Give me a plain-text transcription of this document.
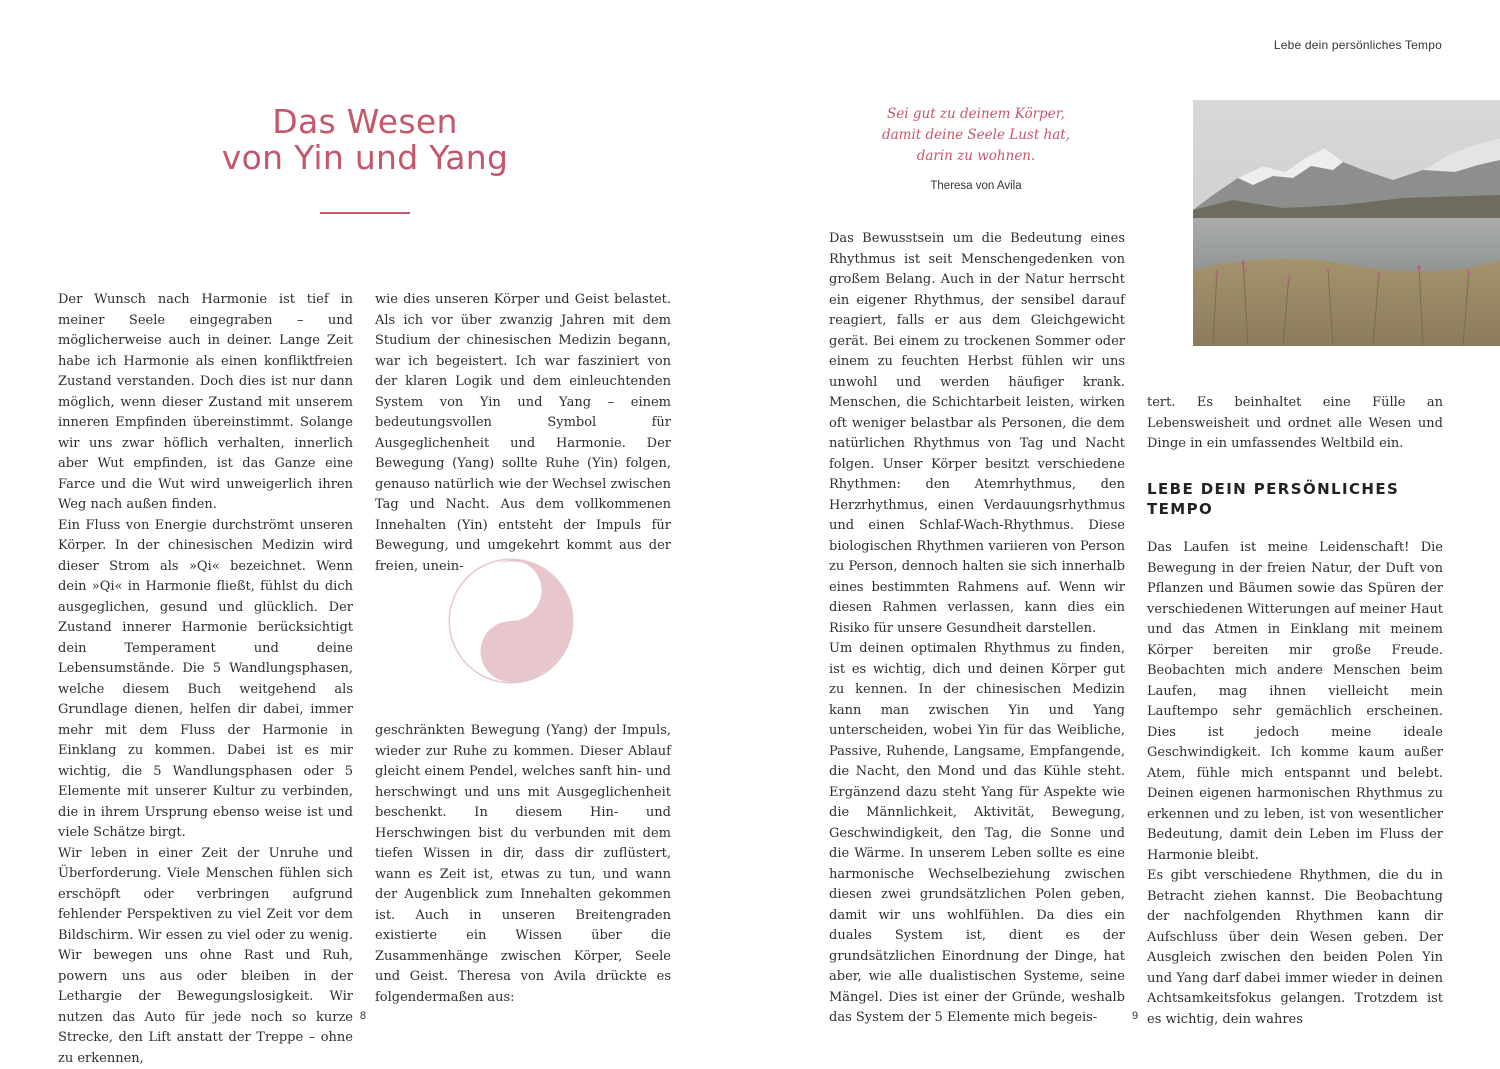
Lebe dein persönliches Tempo
Das Wesen
von Yin und Yang

Der Wunsch nach Harmonie ist tief in meiner Seele eingegraben – und möglicherweise auch in deiner. Lange Zeit habe ich Harmonie als einen konfliktfreien Zustand verstanden. Doch dies ist nur dann möglich, wenn dieser Zustand mit unserem inneren Empfinden übereinstimmt. Solange wir uns zwar höflich verhalten, innerlich aber Wut empfinden, ist das Ganze eine Farce und die Wut wird unweigerlich ihren Weg nach außen finden.

Ein Fluss von Energie durchströmt unseren Körper. In der chinesischen Medizin wird dieser Strom als »Qi« bezeichnet. Wenn dein »Qi« in Harmonie fließt, fühlst du dich ausgeglichen, gesund und glücklich. Der Zustand innerer Harmonie berücksichtigt dein Temperament und deine Lebensumstände. Die 5 Wandlungsphasen, welche diesem Buch weitgehend als Grundlage dienen, helfen dir dabei, immer mehr mit dem Fluss der Harmonie in Einklang zu kommen. Dabei ist es mir wichtig, die 5 Wandlungsphasen oder 5 Elemente mit unserer Kultur zu verbinden, die in ihrem Ursprung ebenso weise ist und viele Schätze birgt.

Wir leben in einer Zeit der Unruhe und Überforderung. Viele Menschen fühlen sich erschöpft oder verbringen aufgrund fehlender Perspektiven zu viel Zeit vor dem Bildschirm. Wir essen zu viel oder zu wenig. Wir bewegen uns ohne Rast und Ruh, powern uns aus oder bleiben in der Lethargie der Bewegungslosigkeit. Wir nutzen das Auto für jede noch so kurze Strecke, den Lift anstatt der Treppe – ohne zu erkennen,

wie dies unseren Körper und Geist belastet. Als ich vor über zwanzig Jahren mit dem Studium der chinesischen Medizin begann, war ich begeistert. Ich war fasziniert von der klaren Logik und dem einleuchtenden System von Yin und Yang – einem bedeutungsvollen Symbol für Ausgeglichenheit und Harmonie. Der Bewegung (Yang) sollte Ruhe (Yin) folgen, genauso natürlich wie der Wechsel zwischen Tag und Nacht. Aus dem vollkommenen Innehalten (Yin) entsteht der Impuls für Bewegung, und umgekehrt kommt aus der freien, unein-

geschränkten Bewegung (Yang) der Impuls, wieder zur Ruhe zu kommen. Dieser Ablauf gleicht einem Pendel, welches sanft hin- und herschwingt und uns mit Ausgeglichenheit beschenkt. In diesem Hin- und Herschwingen bist du verbunden mit dem tiefen Wissen in dir, dass dir zuflüstert, wann es Zeit ist, etwas zu tun, und wann der Augenblick zum Innehalten gekommen ist. Auch in unseren Breitengraden existierte ein Wissen über die Zusammenhänge zwischen Körper, Seele und Geist. Theresa von Avila drückte es folgendermaßen aus:

8
Sei gut zu deinem Körper,
damit deine Seele Lust hat,
darin zu wohnen.
Theresa von Avila

Das Bewusstsein um die Bedeutung eines Rhythmus ist seit Menschengedenken von großem Belang. Auch in der Natur herrscht ein eigener Rhythmus, der sensibel darauf reagiert, falls er aus dem Gleichgewicht gerät. Bei einem zu trockenen Sommer oder einem zu feuchten Herbst fühlen wir uns unwohl und werden häufiger krank. Menschen, die Schichtarbeit leisten, wirken oft weniger belastbar als Personen, die dem natürlichen Rhythmus von Tag und Nacht folgen. Unser Körper besitzt verschiedene Rhythmen: den Atemrhythmus, den Herzrhythmus, einen Verdauungsrhythmus und einen Schlaf-Wach-Rhythmus. Diese biologischen Rhythmen variieren von Person zu Person, dennoch halten sie sich innerhalb eines bestimmten Rahmens auf. Wenn wir diesen Rahmen verlassen, kann dies ein Risiko für unsere Gesundheit darstellen.

Um deinen optimalen Rhythmus zu finden, ist es wichtig, dich und deinen Körper gut zu kennen. In der chinesischen Medizin kann man zwischen Yin und Yang unterscheiden, wobei Yin für das Weibliche, Passive, Ruhende, Langsame, Empfangende, die Nacht, den Mond und das Kühle steht. Ergänzend dazu steht Yang für Aspekte wie die Männlichkeit, Aktivität, Bewegung, Geschwindigkeit, den Tag, die Sonne und die Wärme. In unserem Leben sollte es eine harmonische Wechselbeziehung zwischen diesen zwei grundsätzlichen Polen geben, damit wir uns wohlfühlen. Da dies ein duales System ist, dient es der grundsätzlichen Einordnung der Dinge, hat aber, wie alle dualistischen Systeme, seine Mängel. Dies ist einer der Gründe, weshalb das System der 5 Elemente mich begeis-

tert. Es beinhaltet eine Fülle an Lebensweisheit und ordnet alle Wesen und Dinge in ein umfassendes Weltbild ein.

LEBE DEIN PERSÖNLICHES TEMPO

Das Laufen ist meine Leidenschaft! Die Bewegung in der freien Natur, der Duft von Pflanzen und Bäumen sowie das Spüren der verschiedenen Witterungen auf meiner Haut und das Atmen in Einklang mit meinem Körper bereiten mir große Freude. Beobachten mich andere Menschen beim Laufen, mag ihnen vielleicht mein Lauftempo sehr gemächlich erscheinen. Dies ist jedoch meine ideale Geschwindigkeit. Ich komme kaum außer Atem, fühle mich entspannt und belebt. Deinen eigenen harmonischen Rhythmus zu erkennen und zu leben, ist von wesentlicher Bedeutung, damit dein Leben im Fluss der Harmonie bleibt.

Es gibt verschiedene Rhythmen, die du in Betracht ziehen kannst. Die Beobachtung der nachfolgenden Rhythmen kann dir Aufschluss über dein Wesen geben. Der Ausgleich zwischen den beiden Polen Yin und Yang darf dabei immer wieder in deinen Achtsamkeitsfokus gelangen. Trotzdem ist es wichtig, dein wahres

9
